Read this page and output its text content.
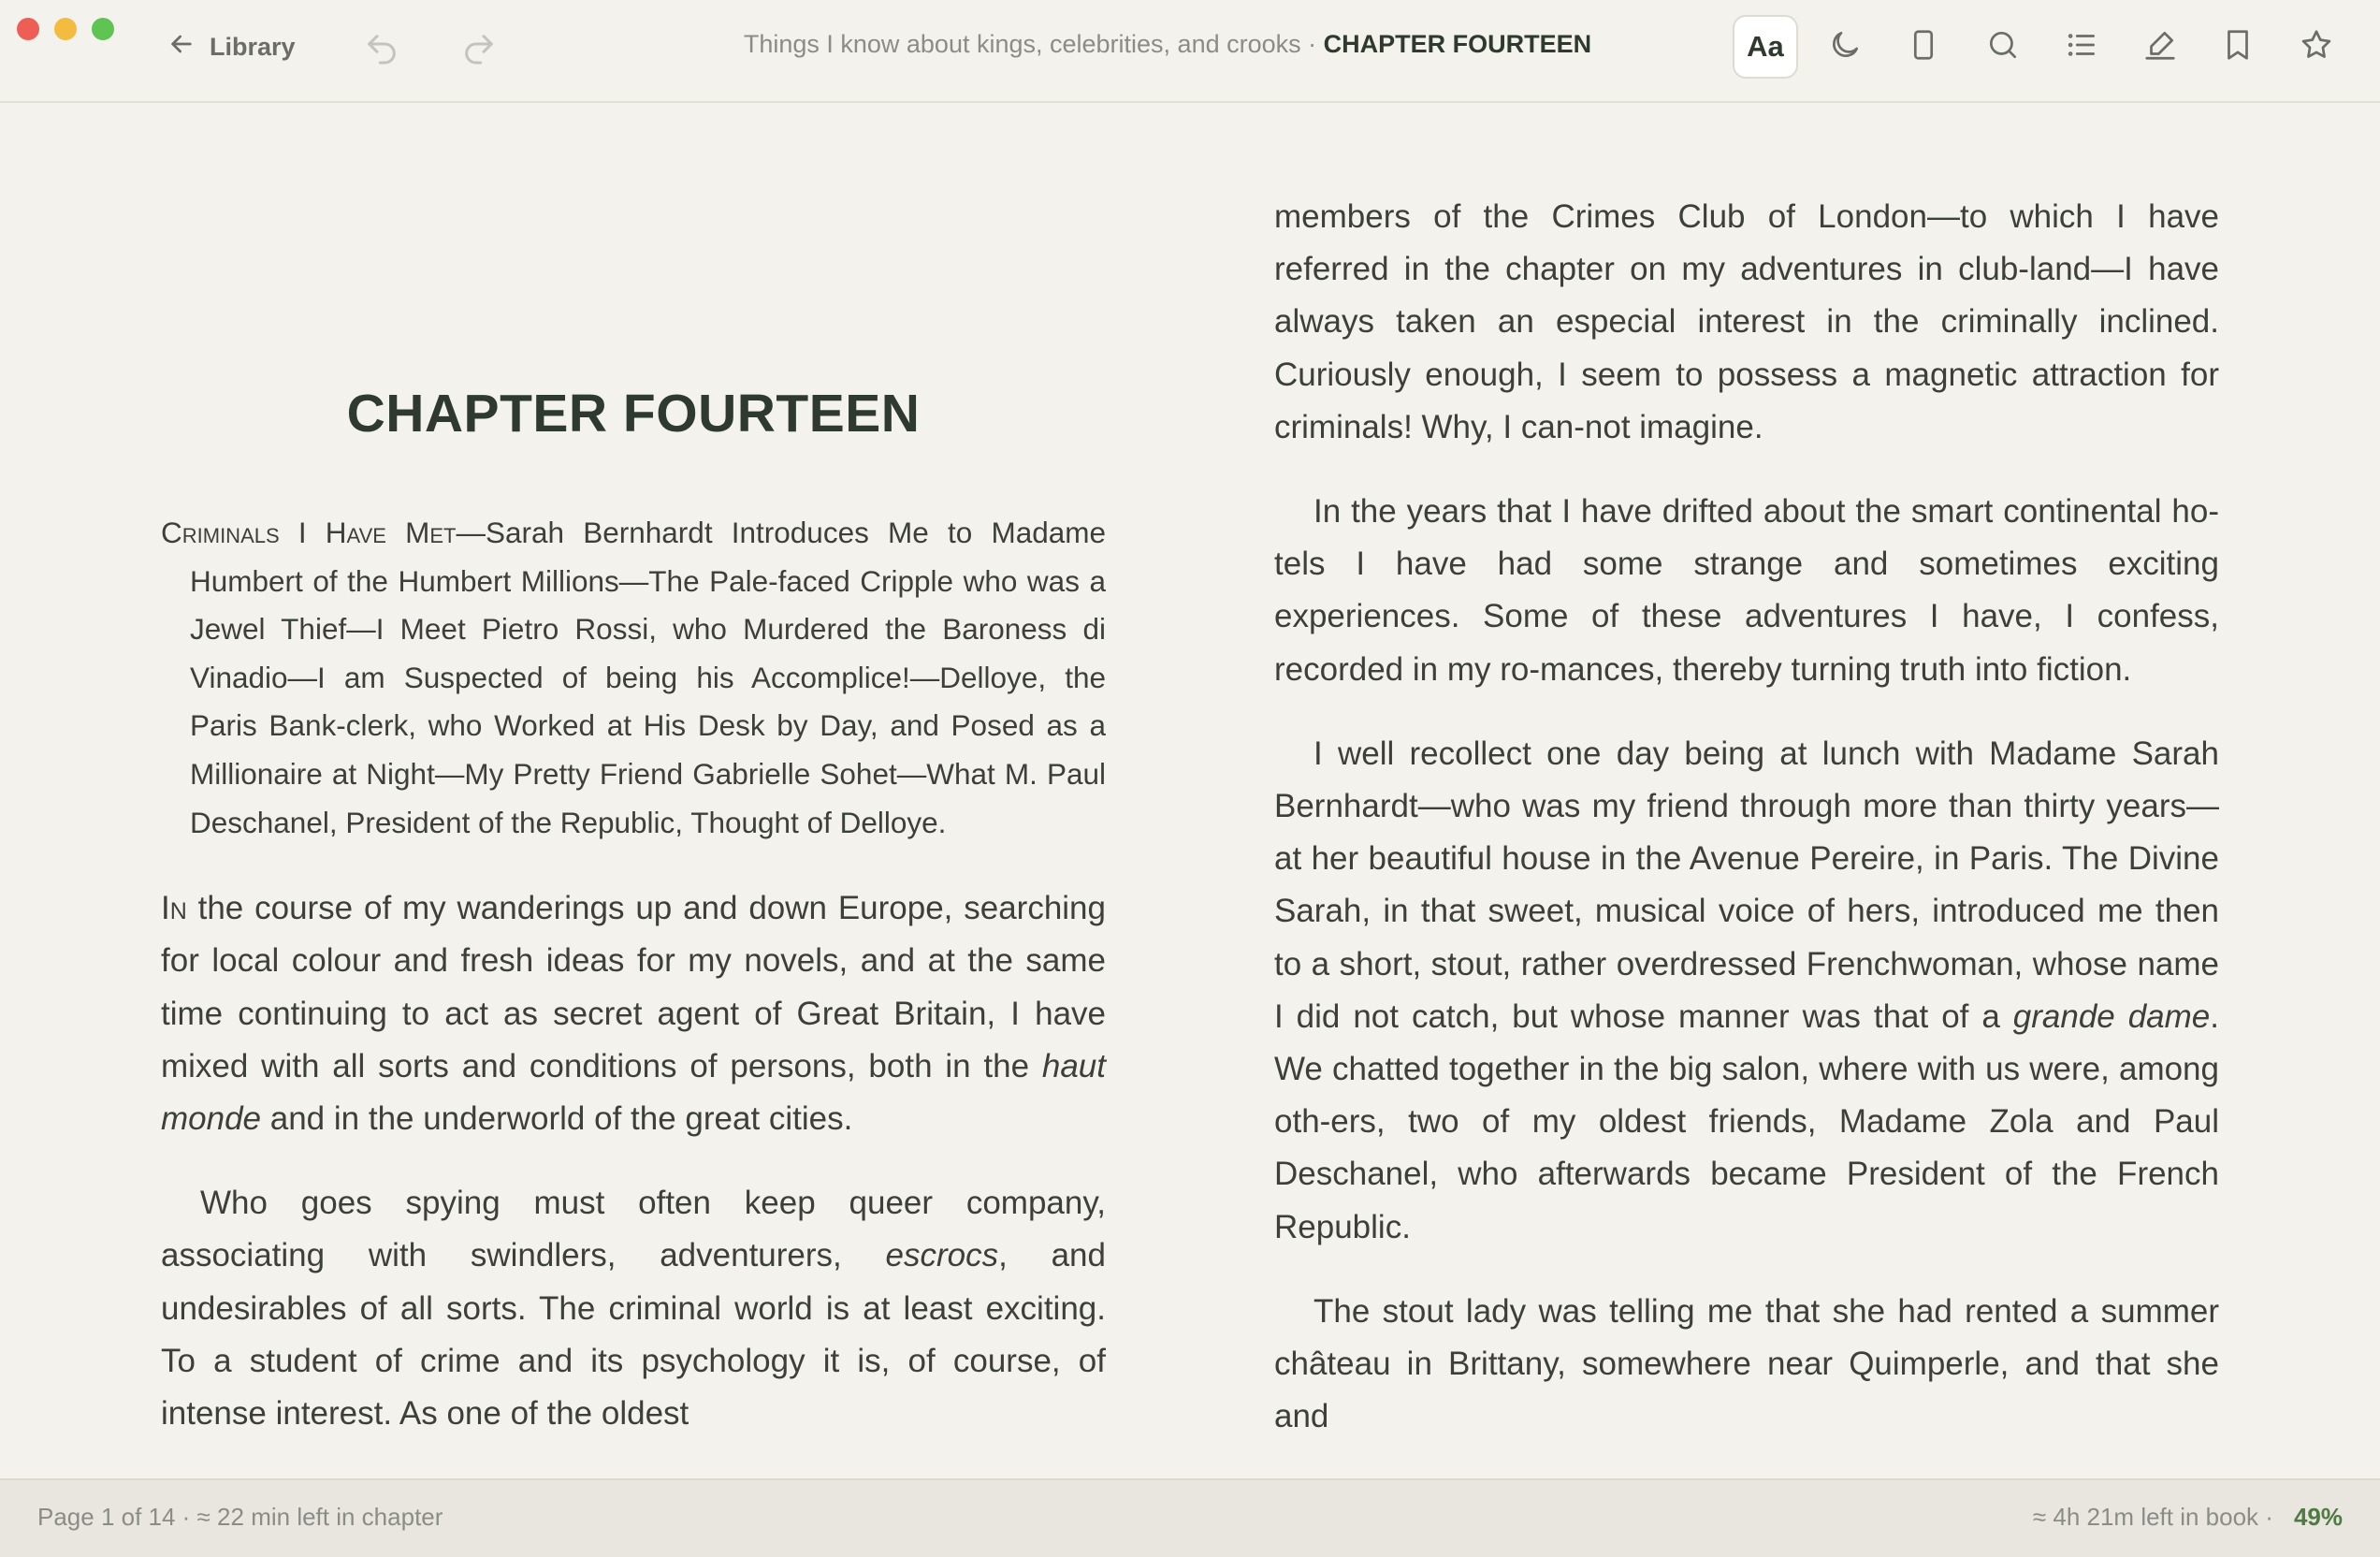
Library	Things I know about kings, celebrities, and crooks · CHAPTER FOURTEEN	Aa
CHAPTER FOURTEEN

Criminals I Have Met—Sarah Bernhardt Introduces Me to Madame Humbert of the Humbert Millions—The Pale-faced Cripple who was a Jewel Thief—I Meet Pietro Rossi, who Murdered the Baroness di Vinadio—I am Suspected of being his Accomplice!—Delloye, the Paris Bank-clerk, who Worked at His Desk by Day, and Posed as a Millionaire at Night—My Pretty Friend Gabrielle Sohet—What M. Paul Deschanel, President of the Republic, Thought of Delloye.

In the course of my wanderings up and down Europe, searching for local colour and fresh ideas for my novels, and at the same time continuing to act as secret agent of Great Britain, I have mixed with all sorts and conditions of persons, both in the haut monde and in the underworld of the great cities.

Who goes spying must often keep queer company, associating with swindlers, adventurers, escrocs, and undesirables of all sorts. The criminal world is at least exciting. To a student of crime and its psychology it is, of course, of intense interest. As one of the oldest

members of the Crimes Club of London—to which I have referred in the chapter on my adventures in club-land—I have always taken an especial interest in the criminally inclined. Curiously enough, I seem to possess a magnetic attraction for criminals! Why, I can-not imagine.

In the years that I have drifted about the smart continental ho-tels I have had some strange and sometimes exciting experiences. Some of these adventures I have, I confess, recorded in my ro-mances, thereby turning truth into fiction.

I well recollect one day being at lunch with Madame Sarah Bernhardt—who was my friend through more than thirty years—at her beautiful house in the Avenue Pereire, in Paris. The Divine Sarah, in that sweet, musical voice of hers, introduced me then to a short, stout, rather overdressed Frenchwoman, whose name I did not catch, but whose manner was that of a grande dame. We chatted together in the big salon, where with us were, among oth-ers, two of my oldest friends, Madame Zola and Paul Deschanel, who afterwards became President of the French Republic.

The stout lady was telling me that she had rented a summer château in Brittany, somewhere near Quimperle, and that she and

Page 1 of 14 · ≈ 22 min left in chapter	≈ 4h 21m left in book · 49%
